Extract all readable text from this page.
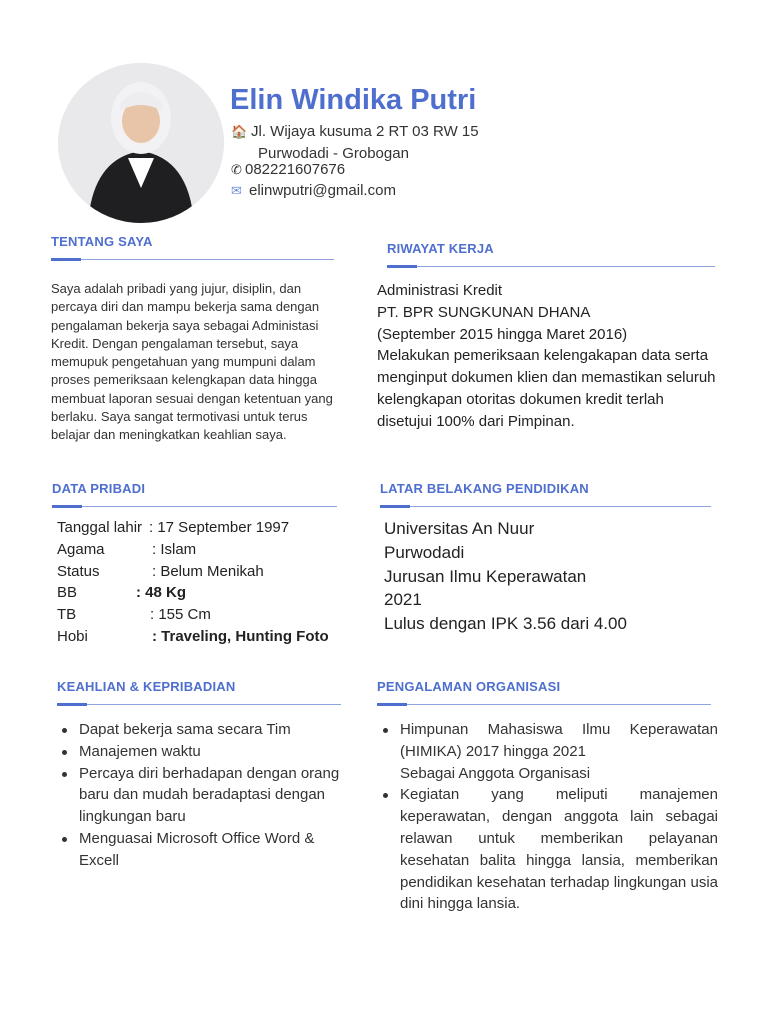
Elin Windika Putri
🏠 Jl. Wijaya kusuma 2 RT 03 RW 15
Purwodadi - Grobogan
✆ 082221607676
✉ elinwputri@gmail.com
TENTANG SAYA
Saya adalah pribadi yang jujur, disiplin, dan percaya diri dan mampu bekerja sama dengan pengalaman bekerja saya sebagai Administasi Kredit. Dengan pengalaman tersebut, saya memupuk pengetahuan yang mumpuni dalam proses pemeriksaan kelengkapan data hingga membuat laporan sesuai dengan ketentuan yang berlaku. Saya sangat termotivasi untuk terus belajar dan meningkatkan keahlian saya.
RIWAYAT KERJA
Administrasi Kredit
PT. BPR SUNGKUNAN DHANA
(September 2015 hingga Maret 2016)
Melakukan pemeriksaan kelengakapan data serta menginput dokumen klien dan memastikan seluruh kelengkapan otoritas dokumen kredit terlah disetujui 100% dari Pimpinan.
DATA PRIBADI
Tanggal lahir : 17 September 1997
Agama	: Islam
Status	: Belum Menikah
BB	: 48 Kg
TB	: 155 Cm
Hobi	: Traveling, Hunting Foto
LATAR BELAKANG PENDIDIKAN
Universitas An Nuur
Purwodadi
Jurusan Ilmu Keperawatan
2021
Lulus dengan IPK 3.56 dari 4.00
KEAHLIAN & KEPRIBADIAN
Dapat bekerja sama secara Tim
Manajemen waktu
Percaya diri berhadapan dengan orang baru dan mudah beradaptasi dengan lingkungan baru
Menguasai Microsoft Office Word & Excell
PENGALAMAN ORGANISASI
Himpunan Mahasiswa Ilmu Keperawatan (HIMIKA) 2017 hingga 2021
Sebagai Anggota Organisasi
Kegiatan yang meliputi manajemen keperawatan, dengan anggota lain sebagai relawan untuk memberikan pelayanan kesehatan balita hingga lansia, memberikan pendidikan kesehatan terhadap lingkungan usia dini hingga lansia.
